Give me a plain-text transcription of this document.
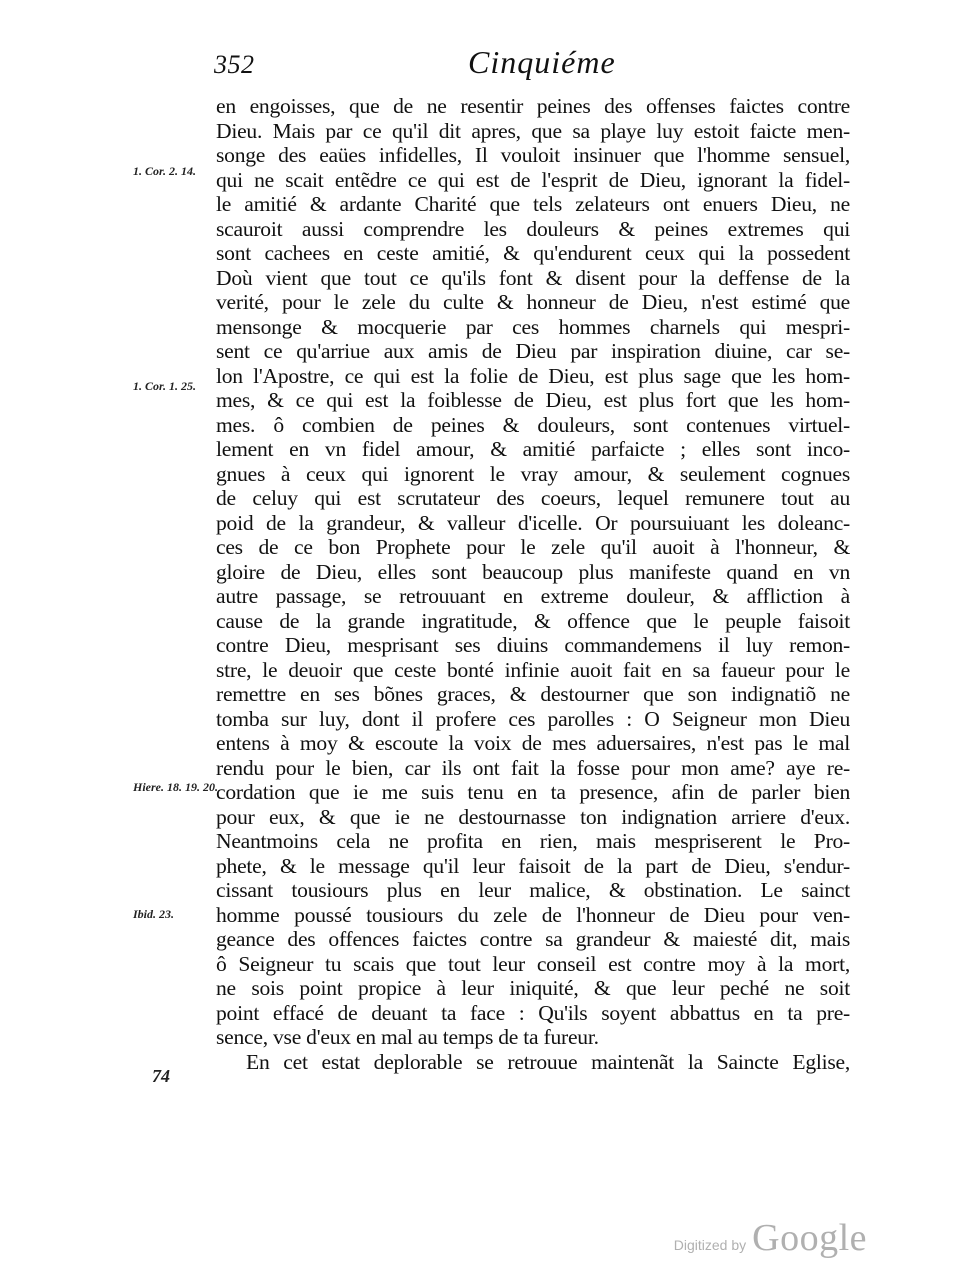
352	Cinquiéme
en engoisses, que de ne resentir peines des offenses faictes contre
Dieu. Mais par ce qu'il dit apres, que sa playe luy estoit faicte men-
songe des eaües infidelles, Il vouloit insinuer que l'homme sensuel,
qui ne scait entẽdre ce qui est de l'esprit de Dieu, ignorant la fidel-
le amitié & ardante Charité que tels zelateurs ont enuers Dieu, ne
scauroit aussi comprendre les douleurs & peines extremes qui
sont cachees en ceste amitié, & qu'endurent ceux qui la possedent
Doù vient que tout ce qu'ils font & disent pour la deffense de la
verité, pour le zele du culte & honneur de Dieu, n'est estimé que
mensonge & mocquerie par ces hommes charnels qui mespri-
sent ce qu'arriue aux amis de Dieu par inspiration diuine, car se-
lon l'Apostre, ce qui est la folie de Dieu, est plus sage que les hom-
mes, & ce qui est la foiblesse de Dieu, est plus fort que les hom-
mes. ô combien de peines & douleurs, sont contenues virtuel-
lement en vn fidel amour, & amitié parfaicte ; elles sont inco-
gnues à ceux qui ignorent le vray amour, & seulement cognues
de celuy qui est scrutateur des coeurs, lequel remunere tout au
poid de la grandeur, & valleur d'icelle. Or poursuiuant les doleanc-
ces de ce bon Prophete pour le zele qu'il auoit à l'honneur, &
gloire de Dieu, elles sont beaucoup plus manifeste quand en vn
autre passage, se retrouuant en extreme douleur, & affliction à
cause de la grande ingratitude, & offence que le peuple faisoit
contre Dieu, mesprisant ses diuins commandemens il luy remon-
stre, le deuoir que ceste bonté infinie auoit fait en sa faueur pour le
remettre en ses bõnes graces, & destourner que son indignatiõ ne
tomba sur luy, dont il profere ces parolles : O Seigneur mon Dieu
entens à moy & escoute la voix de mes aduersaires, n'est pas le mal
rendu pour le bien, car ils ont fait la fosse pour mon ame? aye re-
cordation que ie me suis tenu en ta presence, afin de parler bien
pour eux, & que ie ne destournasse ton indignation arriere d'eux.
Neantmoins cela ne profita en rien, mais mespriserent le Pro-
phete, & le message qu'il leur faisoit de la part de Dieu, s'endur-
cissant tousiours plus en leur malice, & obstination. Le sainct
homme poussé tousiours du zele de l'honneur de Dieu pour ven-
geance des offences faictes contre sa grandeur & maiesté dit, mais
ô Seigneur tu scais que tout leur conseil est contre moy à la mort,
ne sois point propice à leur iniquité, & que leur peché ne soit
point effacé de deuant ta face : Qu'ils soyent abbattus en ta pre-
sence, vse d'eux en mal au temps de ta fureur.
En cet estat deplorable se retrouue maintenãt la Saincte Eglise,
1. Cor. 2. 14.
1. Cor. 1. 25.
Hiere. 18. 19. 20.
Ibid. 23.
74
Digitized by Google
